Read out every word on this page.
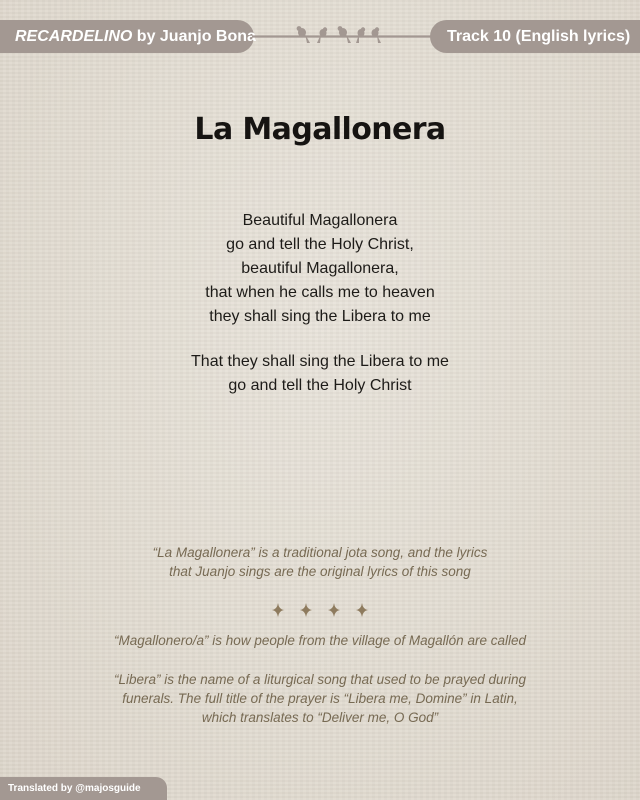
RECARDELINO by Juanjo Bona	Track 10 (English lyrics)
La Magallonera
Beautiful Magallonera
go and tell the Holy Christ,
beautiful Magallonera,
that when he calls me to heaven
they shall sing the Libera to me
That they shall sing the Libera to me
go and tell the Holy Christ

“La Magallonera” is a traditional jota song, and the lyrics
that Juanjo sings are the original lyrics of this song

“Magallonero/a” is how people from the village of Magallón are called

“Libera” is the name of a liturgical song that used to be prayed during
funerals. The full title of the prayer is “Libera me, Domine” in Latin,
which translates to “Deliver me, O God”

Translated by @majosguide
